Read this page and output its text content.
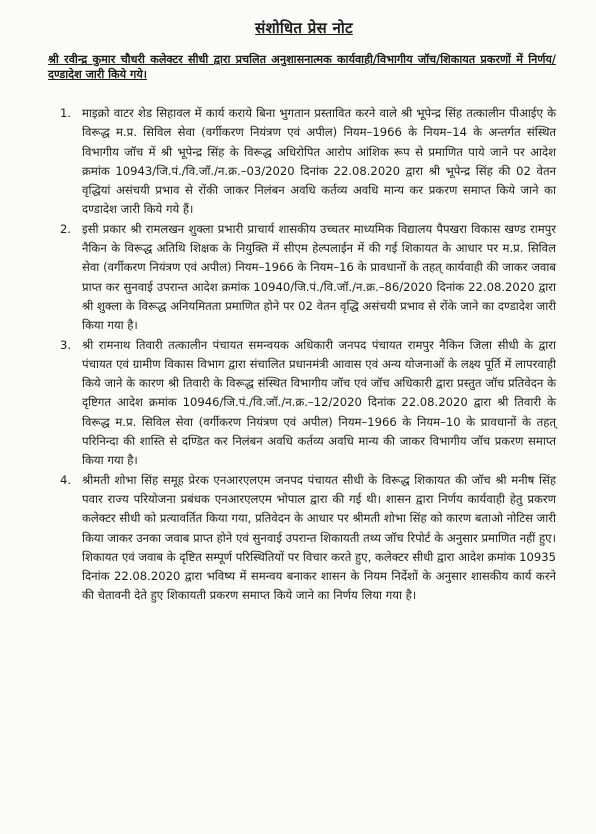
संशोधित प्रेस नोट
श्री रवीन्द्र कुमार चौधरी कलेक्टर सीधी द्वारा प्रचलित अनुशासनात्मक कार्यवाही/विभागीय जॉच/शिकायत प्रकरणों में निर्णय/दण्डादेश जारी किये गये।
1. माइक्रो वाटर शेड सिहावल में कार्य कराये बिना भुगतान प्रस्तावित करने वाले श्री भूपेन्द्र सिंह तत्कालीन पीआईए के विरूद्ध म.प्र. सिविल सेवा (वर्गीकरण नियंत्रण एवं अपील) नियम–1966 के नियम–14 के अन्तर्गत संस्थित विभागीय जॉच में श्री भूपेन्द्र सिंह के विरूद्ध अधिरोपित आरोप आंशिक रूप से प्रमाणित पाये जाने पर आदेश क्रमांक 10943/जि.पं./वि.जॉ./न.क्र.–03/2020 दिनांक 22.08.2020 द्वारा श्री भूपेन्द्र सिंह की 02 वेतन वृद्धियां असंचयी प्रभाव से रोंकी जाकर निलंबन अवधि कर्तव्य अवधि मान्य कर प्रकरण समाप्त किये जाने का दण्डादेश जारी किये गये हैं।
2. इसी प्रकार श्री रामलखन शुक्ला प्रभारी प्राचार्य शासकीय उच्चतर माध्यमिक विद्यालय पैपखरा विकास खण्ड रामपुर नैकिन के विरूद्ध अतिथि शिक्षक के नियुक्ति में सीएम हेल्पलाईन में की गई शिकायत के आधार पर म.प्र. सिविल सेवा (वर्गीकरण नियंत्रण एवं अपील) नियम–1966 के नियम–16 के प्रावधानों के तहत् कार्यवाही की जाकर जवाब प्राप्त कर सुनवाई उपरान्त आदेश क्रमांक 10940/जि.पं./वि.जॉ./न.क्र.–86/2020 दिनांक 22.08.2020 द्वारा श्री शुक्ला के विरूद्ध अनियमितता प्रमाणित होने पर 02 वेतन वृद्धि असंचयी प्रभाव से रोंके जाने का दण्डादेश जारी किया गया है।
3. श्री रामनाथ तिवारी तत्कालीन पंचायत समन्वयक अधिकारी जनपद पंचायत रामपुर नैकिन जिला सीधी के द्वारा पंचायत एवं ग्रामीण विकास विभाग द्वारा संचालित प्रधानमंत्री आवास एवं अन्य योजनाओं के लक्ष्य पूर्ति में लापरवाही किये जाने के कारण श्री तिवारी के विरूद्ध संस्थित विभागीय जॉच एवं जॉच अधिकारी द्वारा प्रस्तुत जॉच प्रतिवेदन के दृष्टिगत आदेश क्रमांक 10946/जि.पं./वि.जॉ./न.क्र.–12/2020 दिनांक 22.08.2020 द्वारा श्री तिवारी के विरूद्ध म.प्र. सिविल सेवा (वर्गीकरण नियंत्रण एवं अपील) नियम–1966 के नियम–10 के प्रावधानों के तहत् परिनिन्दा की शास्ति से दण्डित कर निलंबन अवधि कर्तव्य अवधि मान्य की जाकर विभागीय जॉच प्रकरण समाप्त किया गया है।
4. श्रीमती शोभा सिंह समूह प्रेरक एनआरएलएम जनपद पंचायत सीधी के विरूद्ध शिकायत की जॉच श्री मनीष सिंह पवार राज्य परियोजना प्रबंधक एनआरएलएम भोपाल द्वारा की गई थी। शासन द्वारा निर्णय कार्यवाही हेतु प्रकरण कलेक्टर सीधी को प्रत्यावर्तित किया गया, प्रतिवेदन के आधार पर श्रीमती शोभा सिंह को कारण बताओ नोटिस जारी किया जाकर उनका जवाब प्राप्त होने एवं सुनवाई उपरान्त शिकायती तथ्य जॉच रिपोर्ट के अनुसार प्रमाणित नहीं हुए। शिकायत एवं जवाब के दृष्टित सम्पूर्ण परिस्थितियों पर विचार करते हुए, कलेक्टर सीधी द्वारा आदेश क्रमांक 10935 दिनांक 22.08.2020 द्वारा भविष्य में समन्वय बनाकर शासन के नियम निर्देशों के अनुसार शासकीय कार्य करने की चेतावनी देते हुए शिकायती प्रकरण समाप्त किये जाने का निर्णय लिया गया है।
